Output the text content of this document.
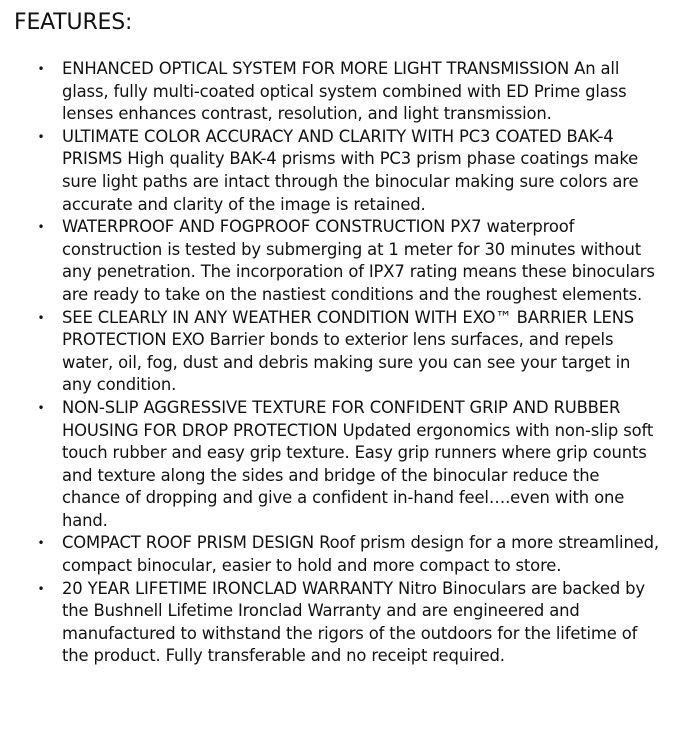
FEATURES:
• ENHANCED OPTICAL SYSTEM FOR MORE LIGHT TRANSMISSION An all glass, fully multi-coated optical system combined with ED Prime glass lenses enhances contrast, resolution, and light transmission.
• ULTIMATE COLOR ACCURACY AND CLARITY WITH PC3 COATED BAK-4 PRISMS High quality BAK-4 prisms with PC3 prism phase coatings make sure light paths are intact through the binocular making sure colors are accurate and clarity of the image is retained.
• WATERPROOF AND FOGPROOF CONSTRUCTION PX7 waterproof construction is tested by submerging at 1 meter for 30 minutes without any penetration. The incorporation of IPX7 rating means these binoculars are ready to take on the nastiest conditions and the roughest elements.
• SEE CLEARLY IN ANY WEATHER CONDITION WITH EXO™ BARRIER LENS PROTECTION EXO Barrier bonds to exterior lens surfaces, and repels water, oil, fog, dust and debris making sure you can see your target in any condition.
• NON-SLIP AGGRESSIVE TEXTURE FOR CONFIDENT GRIP AND RUBBER HOUSING FOR DROP PROTECTION Updated ergonomics with non-slip soft touch rubber and easy grip texture. Easy grip runners where grip counts and texture along the sides and bridge of the binocular reduce the chance of dropping and give a confident in-hand feel….even with one hand.
• COMPACT ROOF PRISM DESIGN Roof prism design for a more streamlined, compact binocular, easier to hold and more compact to store.
• 20 YEAR LIFETIME IRONCLAD WARRANTY Nitro Binoculars are backed by the Bushnell Lifetime Ironclad Warranty and are engineered and manufactured to withstand the rigors of the outdoors for the lifetime of the product. Fully transferable and no receipt required.
